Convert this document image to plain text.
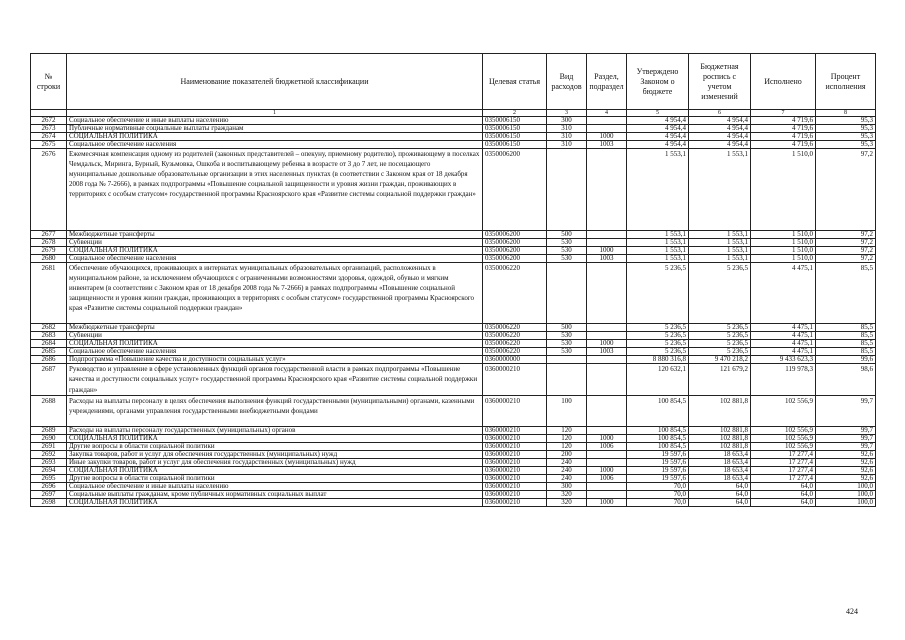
№ строки	Наименование показателей бюджетной классификации	Целевая статья	Вид расходов	Раздел, подраздел	Утверждено Законом о бюджете	Бюджетная роспись с учетом изменений	Исполнено	Процент исполнения
	1	2	3	4	5	6	7	8
2672	Социальное обеспечение и иные выплаты населению	0350006150	300		4 954,4	4 954,4	4 719,6	95,3
2673	Публичные нормативные социальные выплаты гражданам	0350006150	310		4 954,4	4 954,4	4 719,6	95,3
2674	СОЦИАЛЬНАЯ ПОЛИТИКА	0350006150	310	1000	4 954,4	4 954,4	4 719,6	95,3
2675	Социальное обеспечение населения	0350006150	310	1003	4 954,4	4 954,4	4 719,6	95,3
2676	Ежемесячная компенсация одному из родителей (законных представителей – опекуну, приемному родителю), проживающему в поселках Чемдальск, Миринга, Бурный, Кузьмовка, Ошкоба и воспитывающему ребенка в возрасте от 3 до 7 лет, не посещающего муниципальные дошкольные образовательные организации в этих населенных пунктах (в соответствии с Законом края от 18 декабря 2008 года № 7-2666), в рамках подпрограммы «Повышение социальной защищенности и уровня жизни граждан, проживающих в территориях с особым статусом» государственной программы Красноярского края «Развитие системы социальной поддержки граждан»	0350006200			1 553,1	1 553,1	1 510,0	97,2
2677	Межбюджетные трансферты	0350006200	500		1 553,1	1 553,1	1 510,0	97,2
2678	Субвенции	0350006200	530		1 553,1	1 553,1	1 510,0	97,2
2679	СОЦИАЛЬНАЯ ПОЛИТИКА	0350006200	530	1000	1 553,1	1 553,1	1 510,0	97,2
2680	Социальное обеспечение населения	0350006200	530	1003	1 553,1	1 553,1	1 510,0	97,2
2681	Обеспечение обучающихся, проживающих в интернатах муниципальных образовательных организаций, расположенных в муниципальном районе, за исключением обучающихся с ограниченными возможностями здоровья, одеждой, обувью и мягким инвентарем (в соответствии с Законом края от 18 декабря 2008 года № 7-2666) в рамках подпрограммы «Повышение социальной защищенности и уровня жизни граждан, проживающих в территориях с особым статусом» государственной программы Красноярского края «Развитие системы социальной поддержки граждан»	0350006220			5 236,5	5 236,5	4 475,1	85,5
2682	Межбюджетные трансферты	0350006220	500		5 236,5	5 236,5	4 475,1	85,5
2683	Субвенции	0350006220	530		5 236,5	5 236,5	4 475,1	85,5
2684	СОЦИАЛЬНАЯ ПОЛИТИКА	0350006220	530	1000	5 236,5	5 236,5	4 475,1	85,5
2685	Социальное обеспечение населения	0350006220	530	1003	5 236,5	5 236,5	4 475,1	85,5
2686	Подпрограмма «Повышение качества и доступности социальных услуг»	0360000000			8 880 316,8	9 470 218,2	9 433 623,3	99,6
2687	Руководство и управление в сфере установленных функций органов государственной власти в рамках подпрограммы «Повышение качества и доступности социальных услуг» государственной программы Красноярского края «Развитие системы социальной поддержки граждан»	0360000210			120 632,1	121 679,2	119 978,3	98,6
2688	Расходы на выплаты персоналу в целях обеспечения выполнения функций государственными (муниципальными) органами, казенными учреждениями, органами управления государственными внебюджетными фондами	0360000210	100		100 854,5	102 881,8	102 556,9	99,7
2689	Расходы на выплаты персоналу государственных (муниципальных) органов	0360000210	120		100 854,5	102 881,8	102 556,9	99,7
2690	СОЦИАЛЬНАЯ ПОЛИТИКА	0360000210	120	1000	100 854,5	102 881,8	102 556,9	99,7
2691	Другие вопросы в области социальной политики	0360000210	120	1006	100 854,5	102 881,8	102 556,9	99,7
2692	Закупка товаров, работ и услуг для обеспечения государственных (муниципальных) нужд	0360000210	200		19 597,6	18 653,4	17 277,4	92,6
2693	Иные закупки товаров, работ и услуг для обеспечения государственных (муниципальных) нужд	0360000210	240		19 597,6	18 653,4	17 277,4	92,6
2694	СОЦИАЛЬНАЯ ПОЛИТИКА	0360000210	240	1000	19 597,6	18 653,4	17 277,4	92,6
2695	Другие вопросы в области социальной политики	0360000210	240	1006	19 597,6	18 653,4	17 277,4	92,6
2696	Социальное обеспечение и иные выплаты населению	0360000210	300		70,0	64,0	64,0	100,0
2697	Социальные выплаты гражданам, кроме публичных нормативных социальных выплат	0360000210	320		70,0	64,0	64,0	100,0
2698	СОЦИАЛЬНАЯ ПОЛИТИКА	0360000210	320	1000	70,0	64,0	64,0	100,0
424
